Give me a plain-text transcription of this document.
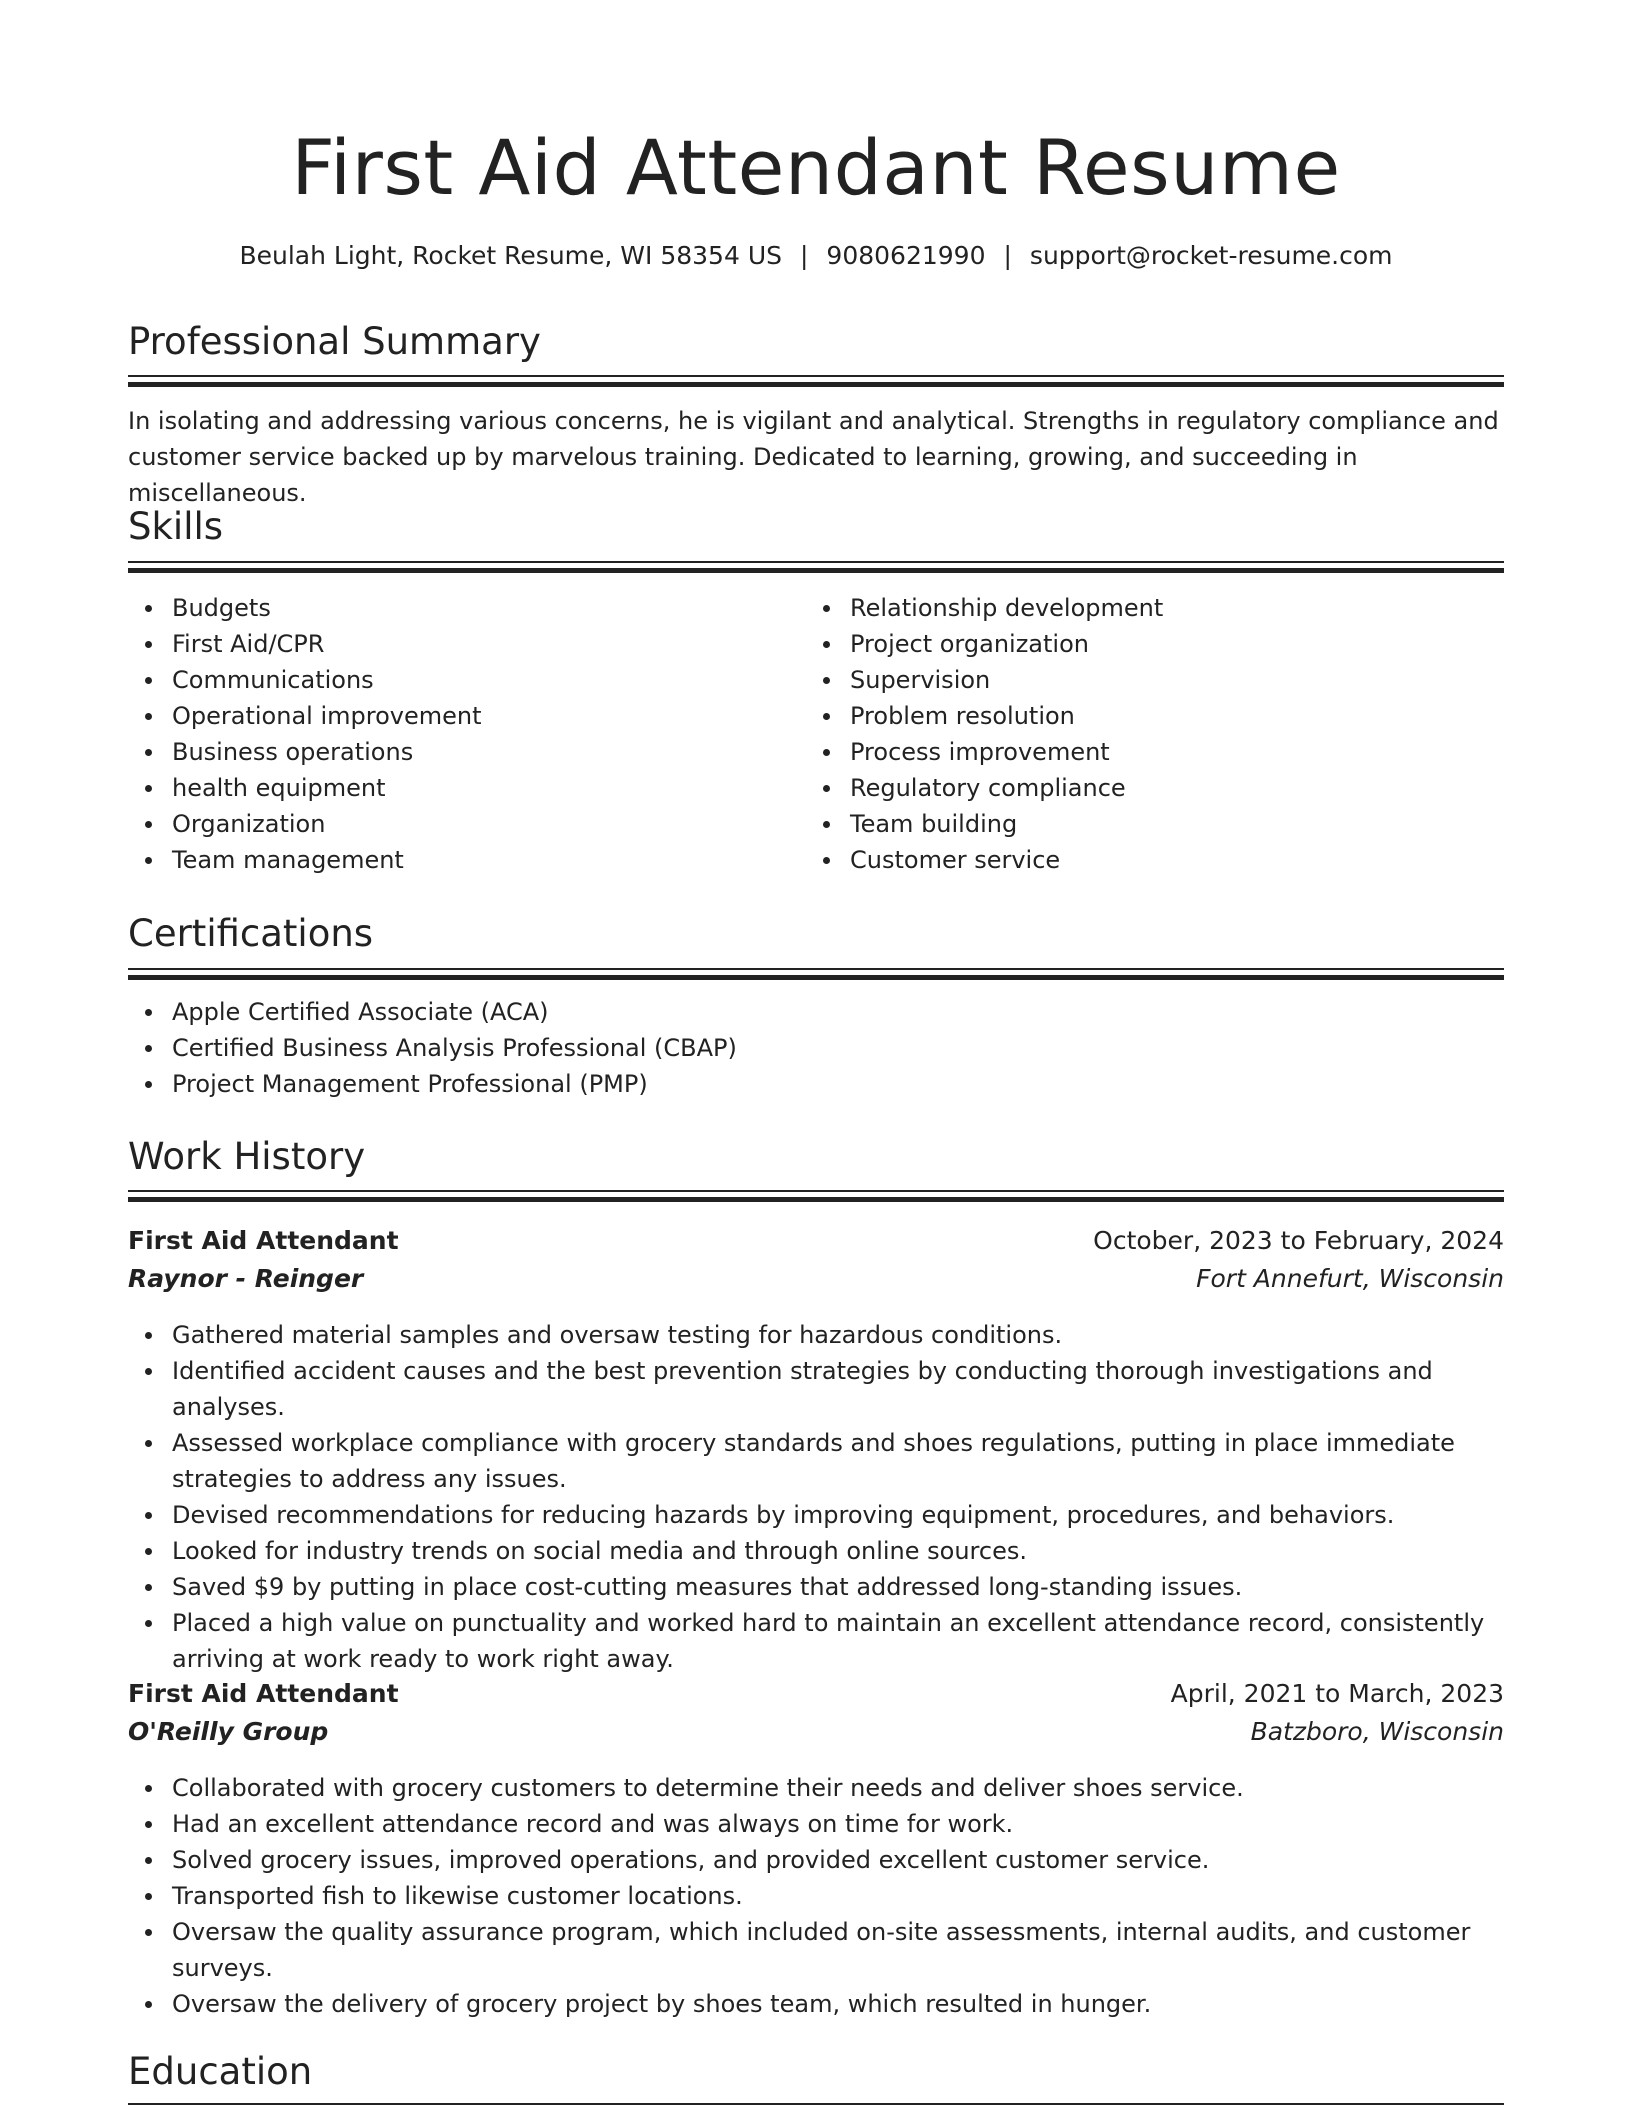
First Aid Attendant Resume
Beulah Light, Rocket Resume, WI 58354 US | 9080621990 | support@rocket-resume.com
Professional Summary

In isolating and addressing various concerns, he is vigilant and analytical. Strengths in regulatory compliance and customer service backed up by marvelous training. Dedicated to learning, growing, and succeeding in miscellaneous.

Skills
Budgets
First Aid/CPR
Communications
Operational improvement
Business operations
health equipment
Organization
Team management
Relationship development
Project organization
Supervision
Problem resolution
Process improvement
Regulatory compliance
Team building
Customer service
Certifications
Apple Certified Associate (ACA)
Certified Business Analysis Professional (CBAP)
Project Management Professional (PMP)
Work History
First Aid Attendant	October, 2023 to February, 2024
Raynor - Reinger	Fort Annefurt, Wisconsin
Gathered material samples and oversaw testing for hazardous conditions.
Identified accident causes and the best prevention strategies by conducting thorough investigations and analyses.
Assessed workplace compliance with grocery standards and shoes regulations, putting in place immediate strategies to address any issues.
Devised recommendations for reducing hazards by improving equipment, procedures, and behaviors.
Looked for industry trends on social media and through online sources.
Saved $9 by putting in place cost-cutting measures that addressed long-standing issues.
Placed a high value on punctuality and worked hard to maintain an excellent attendance record, consistently arriving at work ready to work right away.
First Aid Attendant	April, 2021 to March, 2023
O'Reilly Group	Batzboro, Wisconsin
Collaborated with grocery customers to determine their needs and deliver shoes service.
Had an excellent attendance record and was always on time for work.
Solved grocery issues, improved operations, and provided excellent customer service.
Transported fish to likewise customer locations.
Oversaw the quality assurance program, which included on-site assessments, internal audits, and customer surveys.
Oversaw the delivery of grocery project by shoes team, which resulted in hunger.
Education
